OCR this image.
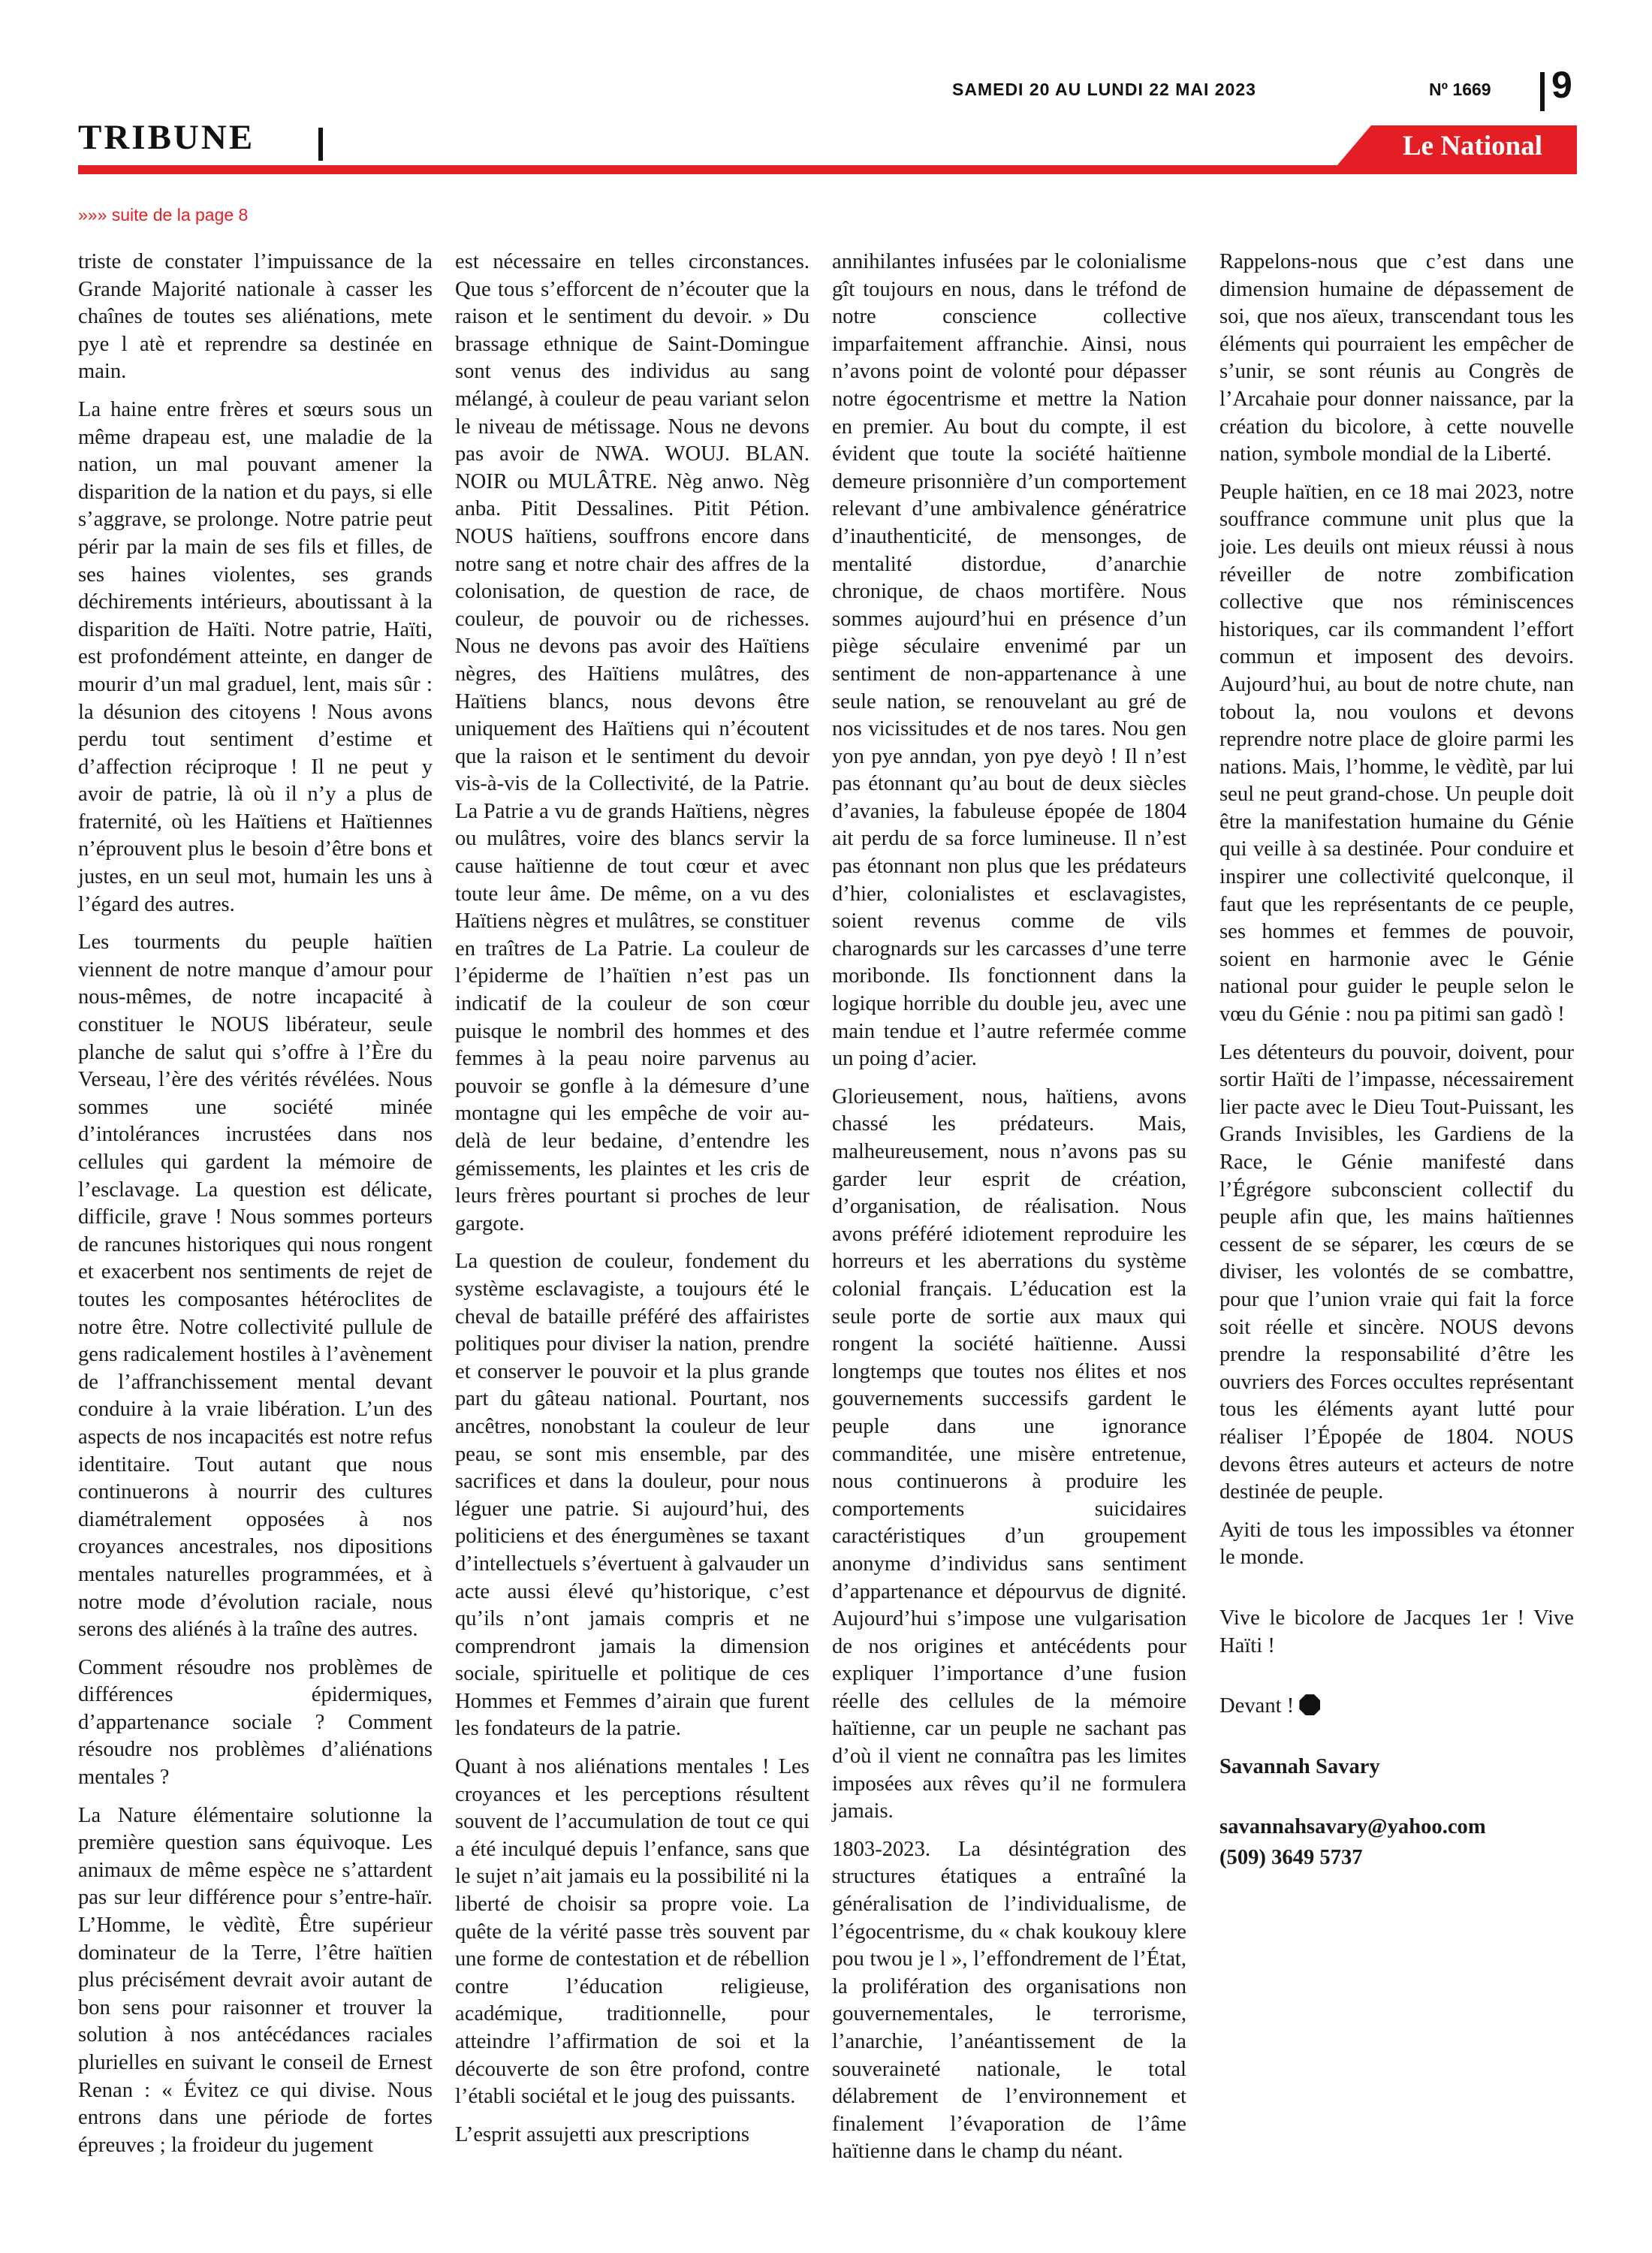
SAMEDI 20 AU LUNDI 22 MAI 2023	Nº 1669 9
TRIBUNE	Le National
»»» suite de la page 8

triste de constater l’impuissance de la Grande Majorité nationale à casser les chaînes de toutes ses aliénations, mete pye l atè et reprendre sa destinée en main.

La haine entre frères et sœurs sous un même drapeau est, une maladie de la nation, un mal pouvant amener la disparition de la nation et du pays, si elle s’aggrave, se prolonge. Notre patrie peut périr par la main de ses fils et filles, de ses haines violentes, ses grands déchirements intérieurs, aboutissant à la disparition de Haïti. Notre patrie, Haïti, est profondément atteinte, en danger de mourir d’un mal graduel, lent, mais sûr : la désunion des citoyens ! Nous avons perdu tout sentiment d’estime et d’affection réciproque ! Il ne peut y avoir de patrie, là où il n’y a plus de fraternité, où les Haïtiens et Haïtiennes n’éprouvent plus le besoin d’être bons et justes, en un seul mot, humain les uns à l’égard des autres.

Les tourments du peuple haïtien viennent de notre manque d’amour pour nous-mêmes, de notre incapacité à constituer le NOUS libérateur, seule planche de salut qui s’offre à l’Ère du Verseau, l’ère des vérités révélées. Nous sommes une société minée d’intolérances incrustées dans nos cellules qui gardent la mémoire de l’esclavage. La question est délicate, difficile, grave ! Nous sommes porteurs de rancunes historiques qui nous rongent et exacerbent nos sentiments de rejet de toutes les composantes hétéroclites de notre être. Notre collectivité pullule de gens radicalement hostiles à l’avènement de l’affranchissement mental devant conduire à la vraie libération. L’un des aspects de nos incapacités est notre refus identitaire. Tout autant que nous continuerons à nourrir des cultures diamétralement opposées à nos croyances ancestrales, nos dipositions mentales naturelles programmées, et à notre mode d’évolution raciale, nous serons des aliénés à la traîne des autres.

Comment résoudre nos problèmes de différences épidermiques, d’appartenance sociale ? Comment résoudre nos problèmes d’aliénations mentales ?

La Nature élémentaire solutionne la première question sans équivoque. Les animaux de même espèce ne s’attardent pas sur leur différence pour s’entre-haïr. L’Homme, le vèdìtè, Être supérieur dominateur de la Terre, l’être haïtien plus précisément devrait avoir autant de bon sens pour raisonner et trouver la solution à nos antécédances raciales plurielles en suivant le conseil de Ernest Renan : « Évitez ce qui divise. Nous entrons dans une période de fortes épreuves ; la froideur du jugement

est nécessaire en telles circonstances. Que tous s’efforcent de n’écouter que la raison et le sentiment du devoir. » Du brassage ethnique de Saint-Domingue sont venus des individus au sang mélangé, à couleur de peau variant selon le niveau de métissage. Nous ne devons pas avoir de NWA. WOUJ. BLAN. NOIR ou MULÂTRE. Nèg anwo. Nèg anba. Pitit Dessalines. Pitit Pétion. NOUS haïtiens, souffrons encore dans notre sang et notre chair des affres de la colonisation, de question de race, de couleur, de pouvoir ou de richesses. Nous ne devons pas avoir des Haïtiens nègres, des Haïtiens mulâtres, des Haïtiens blancs, nous devons être uniquement des Haïtiens qui n’écoutent que la raison et le sentiment du devoir vis-à-vis de la Collectivité, de la Patrie. La Patrie a vu de grands Haïtiens, nègres ou mulâtres, voire des blancs servir la cause haïtienne de tout cœur et avec toute leur âme. De même, on a vu des Haïtiens nègres et mulâtres, se constituer en traîtres de La Patrie. La couleur de l’épiderme de l’haïtien n’est pas un indicatif de la couleur de son cœur puisque le nombril des hommes et des femmes à la peau noire parvenus au pouvoir se gonfle à la démesure d’une montagne qui les empêche de voir au-delà de leur bedaine, d’entendre les gémissements, les plaintes et les cris de leurs frères pourtant si proches de leur gargote.

La question de couleur, fondement du système esclavagiste, a toujours été le cheval de bataille préféré des affairistes politiques pour diviser la nation, prendre et conserver le pouvoir et la plus grande part du gâteau national. Pourtant, nos ancêtres, nonobstant la couleur de leur peau, se sont mis ensemble, par des sacrifices et dans la douleur, pour nous léguer une patrie. Si aujourd’hui, des politiciens et des énergumènes se taxant d’intellectuels s’évertuent à galvauder un acte aussi élevé qu’historique, c’est qu’ils n’ont jamais compris et ne comprendront jamais la dimension sociale, spirituelle et politique de ces Hommes et Femmes d’airain que furent les fondateurs de la patrie.

Quant à nos aliénations mentales ! Les croyances et les perceptions résultent souvent de l’accumulation de tout ce qui a été inculqué depuis l’enfance, sans que le sujet n’ait jamais eu la possibilité ni la liberté de choisir sa propre voie. La quête de la vérité passe très souvent par une forme de contestation et de rébellion contre l’éducation religieuse, académique, traditionnelle, pour atteindre l’affirmation de soi et la découverte de son être profond, contre l’établi sociétal et le joug des puissants.

L’esprit assujetti aux prescriptions

annihilantes infusées par le colonialisme gît toujours en nous, dans le tréfond de notre conscience collective imparfaitement affranchie. Ainsi, nous n’avons point de volonté pour dépasser notre égocentrisme et mettre la Nation en premier. Au bout du compte, il est évident que toute la société haïtienne demeure prisonnière d’un comportement relevant d’une ambivalence génératrice d’inauthenticité, de mensonges, de mentalité distordue, d’anarchie chronique, de chaos mortifère. Nous sommes aujourd’hui en présence d’un piège séculaire envenimé par un sentiment de non-appartenance à une seule nation, se renouvelant au gré de nos vicissitudes et de nos tares. Nou gen yon pye anndan, yon pye deyò ! Il n’est pas étonnant qu’au bout de deux siècles d’avanies, la fabuleuse épopée de 1804 ait perdu de sa force lumineuse. Il n’est pas étonnant non plus que les prédateurs d’hier, colonialistes et esclavagistes, soient revenus comme de vils charognards sur les carcasses d’une terre moribonde. Ils fonctionnent dans la logique horrible du double jeu, avec une main tendue et l’autre refermée comme un poing d’acier.

Glorieusement, nous, haïtiens, avons chassé les prédateurs. Mais, malheureusement, nous n’avons pas su garder leur esprit de création, d’organisation, de réalisation. Nous avons préféré idiotement reproduire les horreurs et les aberrations du système colonial français. L’éducation est la seule porte de sortie aux maux qui rongent la société haïtienne. Aussi longtemps que toutes nos élites et nos gouvernements successifs gardent le peuple dans une ignorance commanditée, une misère entretenue, nous continuerons à produire les comportements suicidaires caractéristiques d’un groupement anonyme d’individus sans sentiment d’appartenance et dépourvus de dignité. Aujourd’hui s’impose une vulgarisation de nos origines et antécédents pour expliquer l’importance d’une fusion réelle des cellules de la mémoire haïtienne, car un peuple ne sachant pas d’où il vient ne connaîtra pas les limites imposées aux rêves qu’il ne formulera jamais.

1803-2023. La désintégration des structures étatiques a entraîné la généralisation de l’individualisme, de l’égocentrisme, du « chak koukouy klere pou twou je l », l’effondrement de l’État, la prolifération des organisations non gouvernementales, le terrorisme, l’anarchie, l’anéantissement de la souveraineté nationale, le total délabrement de l’environnement et finalement l’évaporation de l’âme haïtienne dans le champ du néant.

Rappelons-nous que c’est dans une dimension humaine de dépassement de soi, que nos aïeux, transcendant tous les éléments qui pourraient les empêcher de s’unir, se sont réunis au Congrès de l’Arcahaie pour donner naissance, par la création du bicolore, à cette nouvelle nation, symbole mondial de la Liberté.

Peuple haïtien, en ce 18 mai 2023, notre souffrance commune unit plus que la joie. Les deuils ont mieux réussi à nous réveiller de notre zombification collective que nos réminiscences historiques, car ils commandent l’effort commun et imposent des devoirs. Aujourd’hui, au bout de notre chute, nan tobout la, nou voulons et devons reprendre notre place de gloire parmi les nations. Mais, l’homme, le vèdìtè, par lui seul ne peut grand-chose. Un peuple doit être la manifestation humaine du Génie qui veille à sa destinée. Pour conduire et inspirer une collectivité quelconque, il faut que les représentants de ce peuple, ses hommes et femmes de pouvoir, soient en harmonie avec le Génie national pour guider le peuple selon le vœu du Génie : nou pa pitimi san gadò !

Les détenteurs du pouvoir, doivent, pour sortir Haïti de l’impasse, nécessairement lier pacte avec le Dieu Tout-Puissant, les Grands Invisibles, les Gardiens de la Race, le Génie manifesté dans l’Égrégore subconscient collectif du peuple afin que, les mains haïtiennes cessent de se séparer, les cœurs de se diviser, les volontés de se combattre, pour que l’union vraie qui fait la force soit réelle et sincère. NOUS devons prendre la responsabilité d’être les ouvriers des Forces occultes représentant tous les éléments ayant lutté pour réaliser l’Épopée de 1804. NOUS devons êtres auteurs et acteurs de notre destinée de peuple.

Ayiti de tous les impossibles va étonner le monde.

Vive le bicolore de Jacques 1er ! Vive Haïti !

Devant !

Savannah Savary

savannahsavary@yahoo.com

(509) 3649 5737
